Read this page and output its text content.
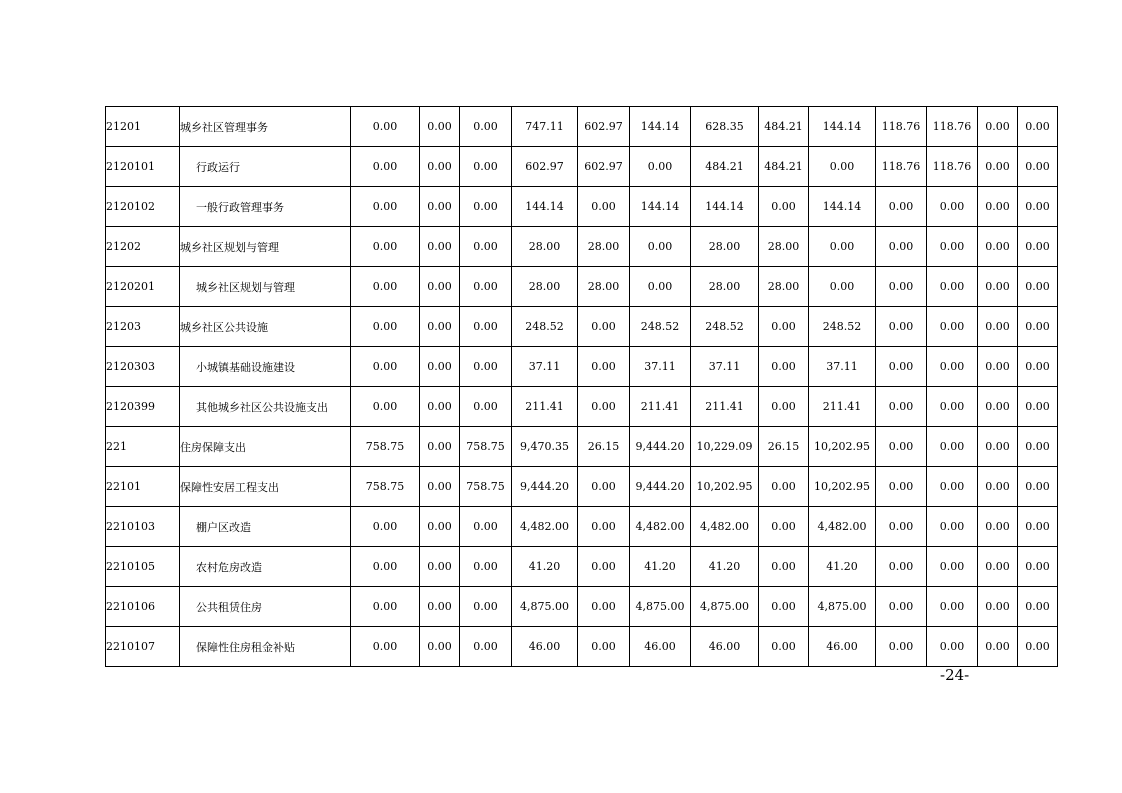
21201	城乡社区管理事务	0.00	0.00	0.00	747.11	602.97	144.14	628.35	484.21	144.14	118.76	118.76	0.00	0.00
2120101	行政运行	0.00	0.00	0.00	602.97	602.97	0.00	484.21	484.21	0.00	118.76	118.76	0.00	0.00
2120102	一般行政管理事务	0.00	0.00	0.00	144.14	0.00	144.14	144.14	0.00	144.14	0.00	0.00	0.00	0.00
21202	城乡社区规划与管理	0.00	0.00	0.00	28.00	28.00	0.00	28.00	28.00	0.00	0.00	0.00	0.00	0.00
2120201	城乡社区规划与管理	0.00	0.00	0.00	28.00	28.00	0.00	28.00	28.00	0.00	0.00	0.00	0.00	0.00
21203	城乡社区公共设施	0.00	0.00	0.00	248.52	0.00	248.52	248.52	0.00	248.52	0.00	0.00	0.00	0.00
2120303	小城镇基础设施建设	0.00	0.00	0.00	37.11	0.00	37.11	37.11	0.00	37.11	0.00	0.00	0.00	0.00
2120399	其他城乡社区公共设施支出	0.00	0.00	0.00	211.41	0.00	211.41	211.41	0.00	211.41	0.00	0.00	0.00	0.00
221	住房保障支出	758.75	0.00	758.75	9,470.35	26.15	9,444.20	10,229.09	26.15	10,202.95	0.00	0.00	0.00	0.00
22101	保障性安居工程支出	758.75	0.00	758.75	9,444.20	0.00	9,444.20	10,202.95	0.00	10,202.95	0.00	0.00	0.00	0.00
2210103	棚户区改造	0.00	0.00	0.00	4,482.00	0.00	4,482.00	4,482.00	0.00	4,482.00	0.00	0.00	0.00	0.00
2210105	农村危房改造	0.00	0.00	0.00	41.20	0.00	41.20	41.20	0.00	41.20	0.00	0.00	0.00	0.00
2210106	公共租赁住房	0.00	0.00	0.00	4,875.00	0.00	4,875.00	4,875.00	0.00	4,875.00	0.00	0.00	0.00	0.00
2210107	保障性住房租金补贴	0.00	0.00	0.00	46.00	0.00	46.00	46.00	0.00	46.00	0.00	0.00	0.00	0.00
-24-
